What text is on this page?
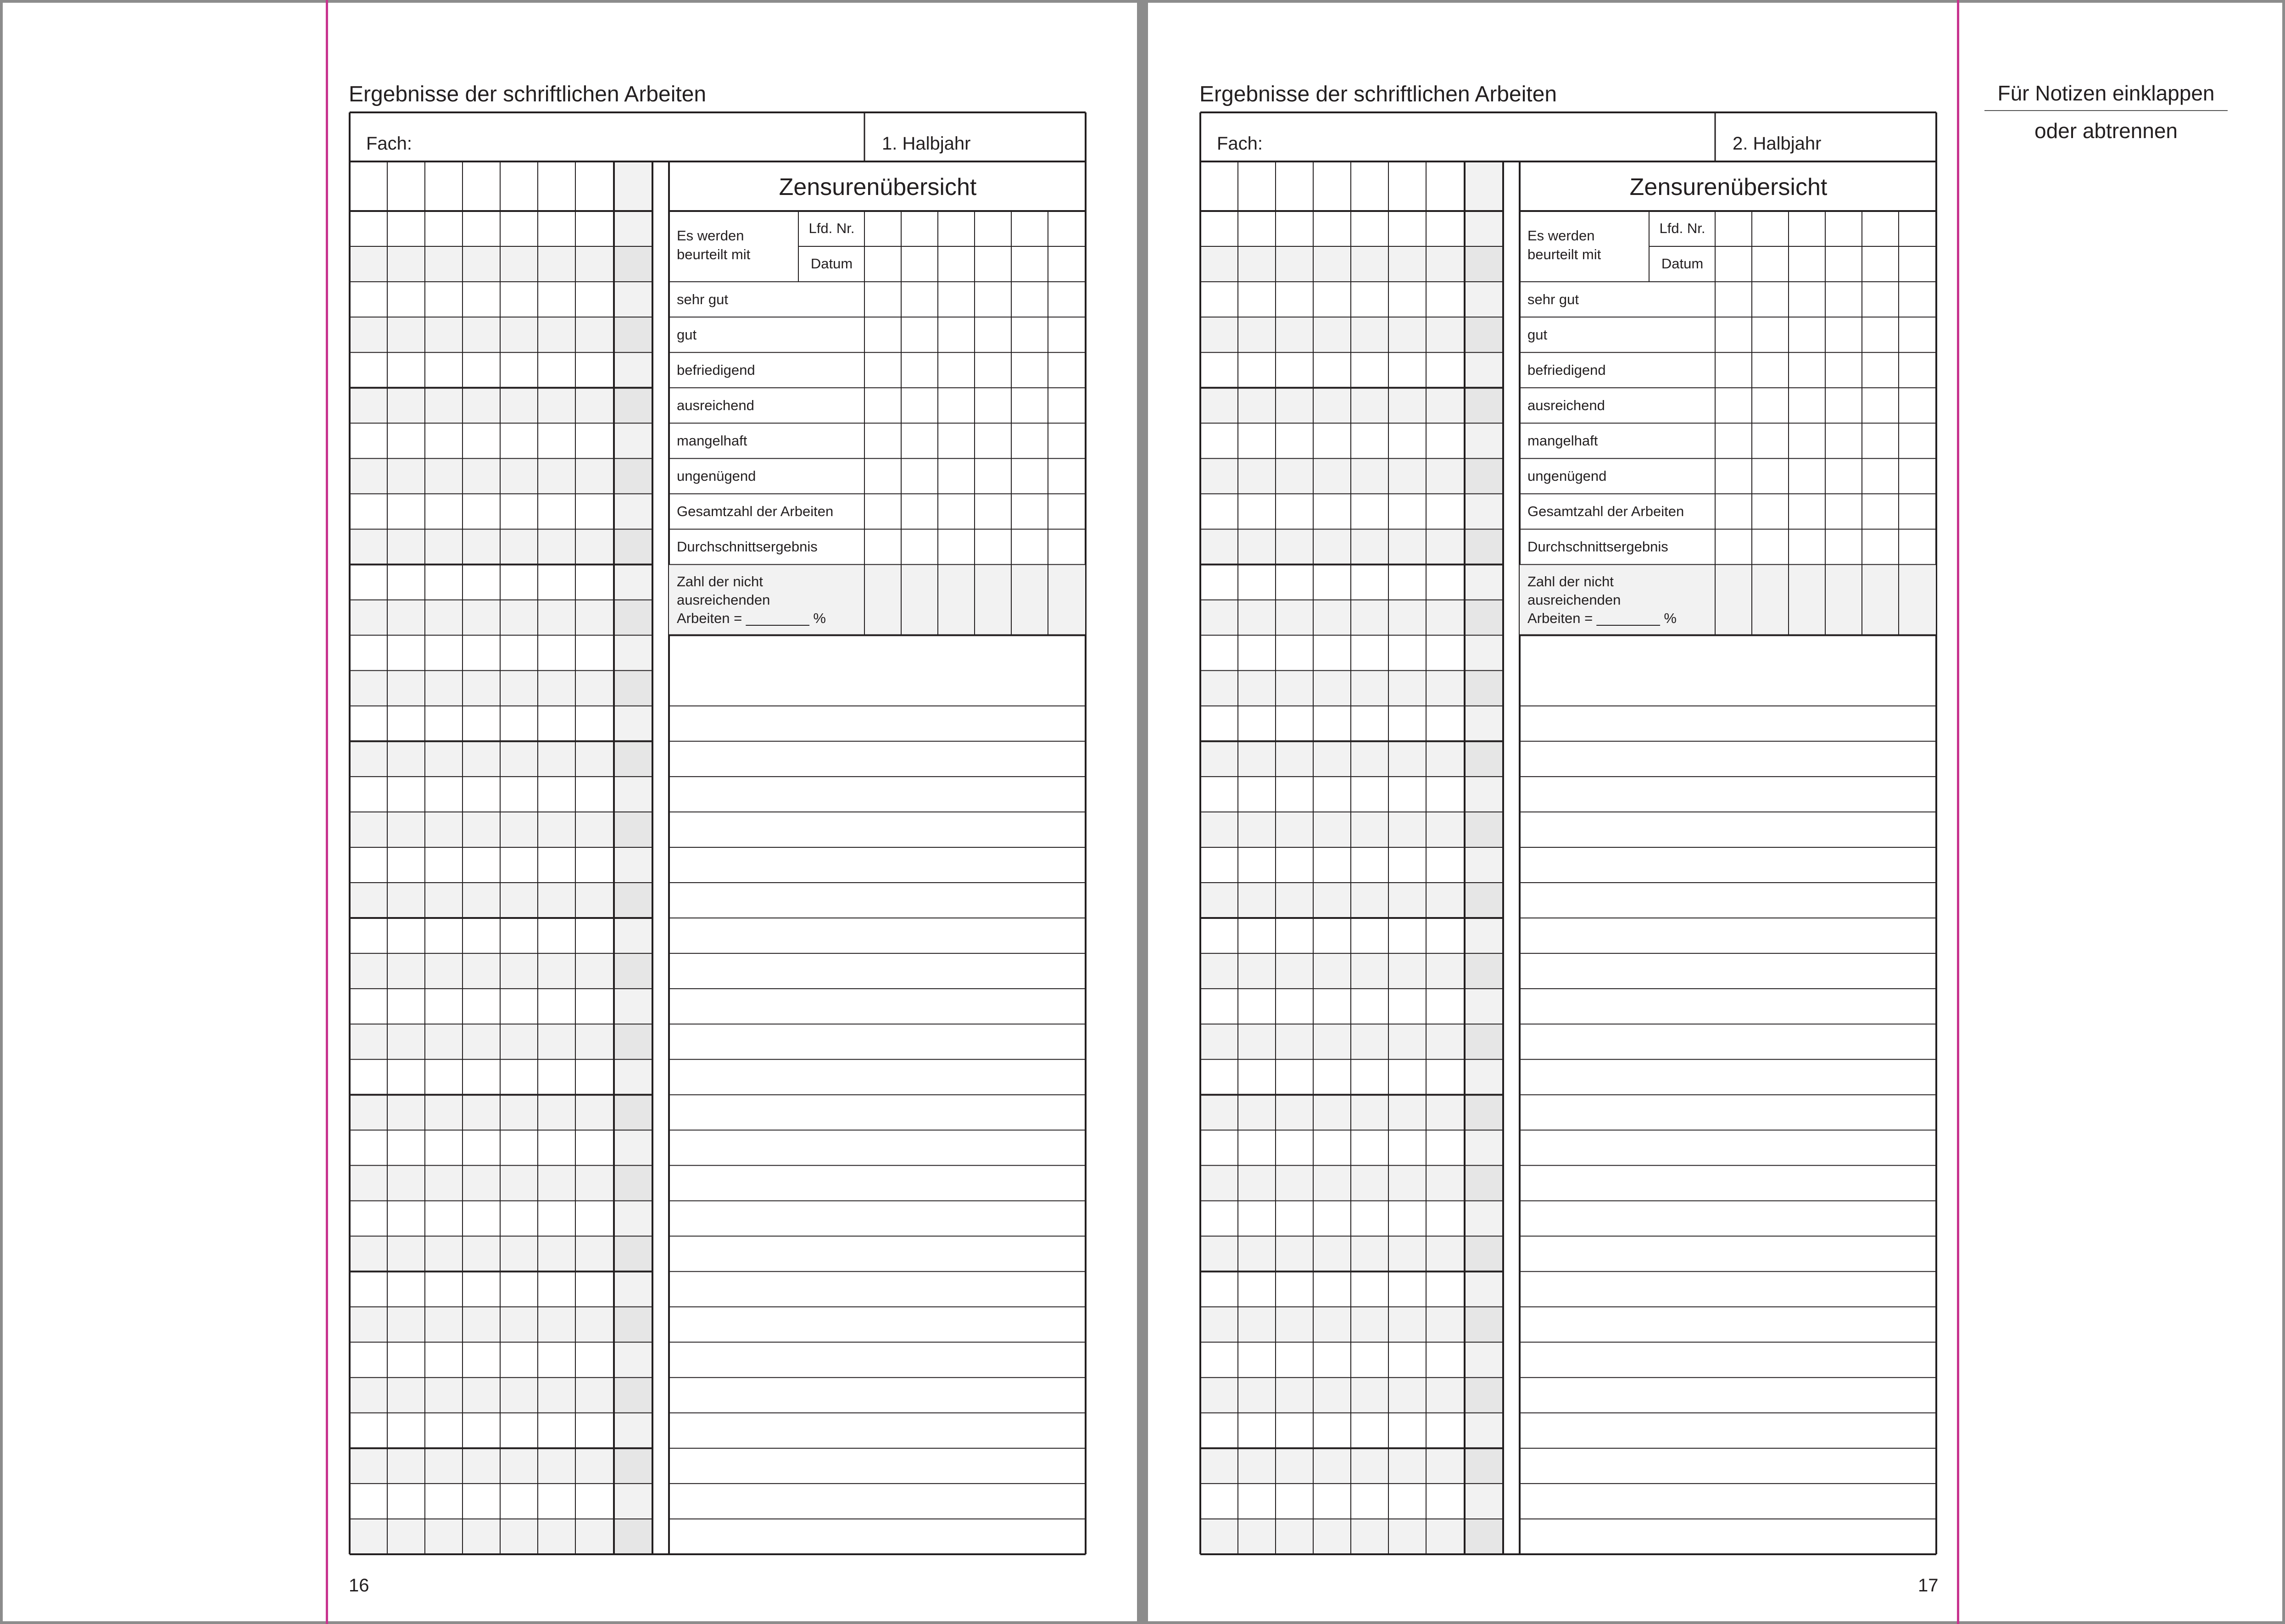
Ergebnisse der schriftlichen Arbeiten
Fach:	1. Halbjahr
Zensurenübersicht
Es werden
beurteilt mit
Lfd. Nr.
Datum
sehr gut
gut
befriedigend
ausreichend
mangelhaft
ungenügend
Gesamtzahl der Arbeiten
Durchschnittsergebnis
Zahl der nicht
ausreichenden
Arbeiten = ________ %
16
Ergebnisse der schriftlichen Arbeiten
Fach:	2. Halbjahr
Zensurenübersicht
Es werden
beurteilt mit
Lfd. Nr.
Datum
sehr gut
gut
befriedigend
ausreichend
mangelhaft
ungenügend
Gesamtzahl der Arbeiten
Durchschnittsergebnis
Zahl der nicht
ausreichenden
Arbeiten = ________ %
17
Für Notizen einklappen
oder abtrennen
